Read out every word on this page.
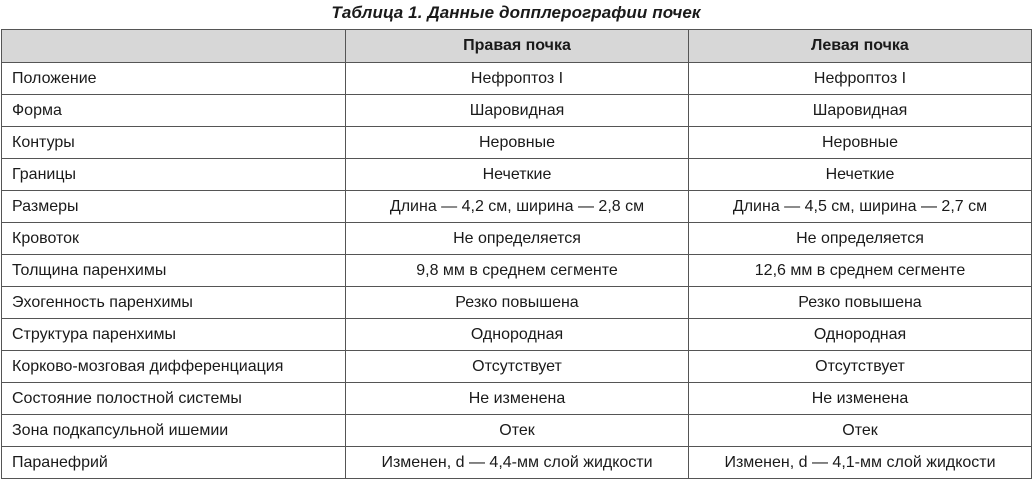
Таблица 1. Данные допплерографии почек
	Правая почка	Левая почка
Положение	Нефроптоз I	Нефроптоз I
Форма	Шаровидная	Шаровидная
Контуры	Неровные	Неровные
Границы	Нечеткие	Нечеткие
Размеры	Длина — 4,2 см, ширина — 2,8 см	Длина — 4,5 см, ширина — 2,7 см
Кровоток	Не определяется	Не определяется
Толщина паренхимы	9,8 мм в среднем сегменте	12,6 мм в среднем сегменте
Эхогенность паренхимы	Резко повышена	Резко повышена
Структура паренхимы	Однородная	Однородная
Корково-мозговая дифференциация	Отсутствует	Отсутствует
Состояние полостной системы	Не изменена	Не изменена
Зона подкапсульной ишемии	Отек	Отек
Паранефрий	Изменен, d — 4,4-мм слой жидкости	Изменен, d — 4,1-мм слой жидкости
